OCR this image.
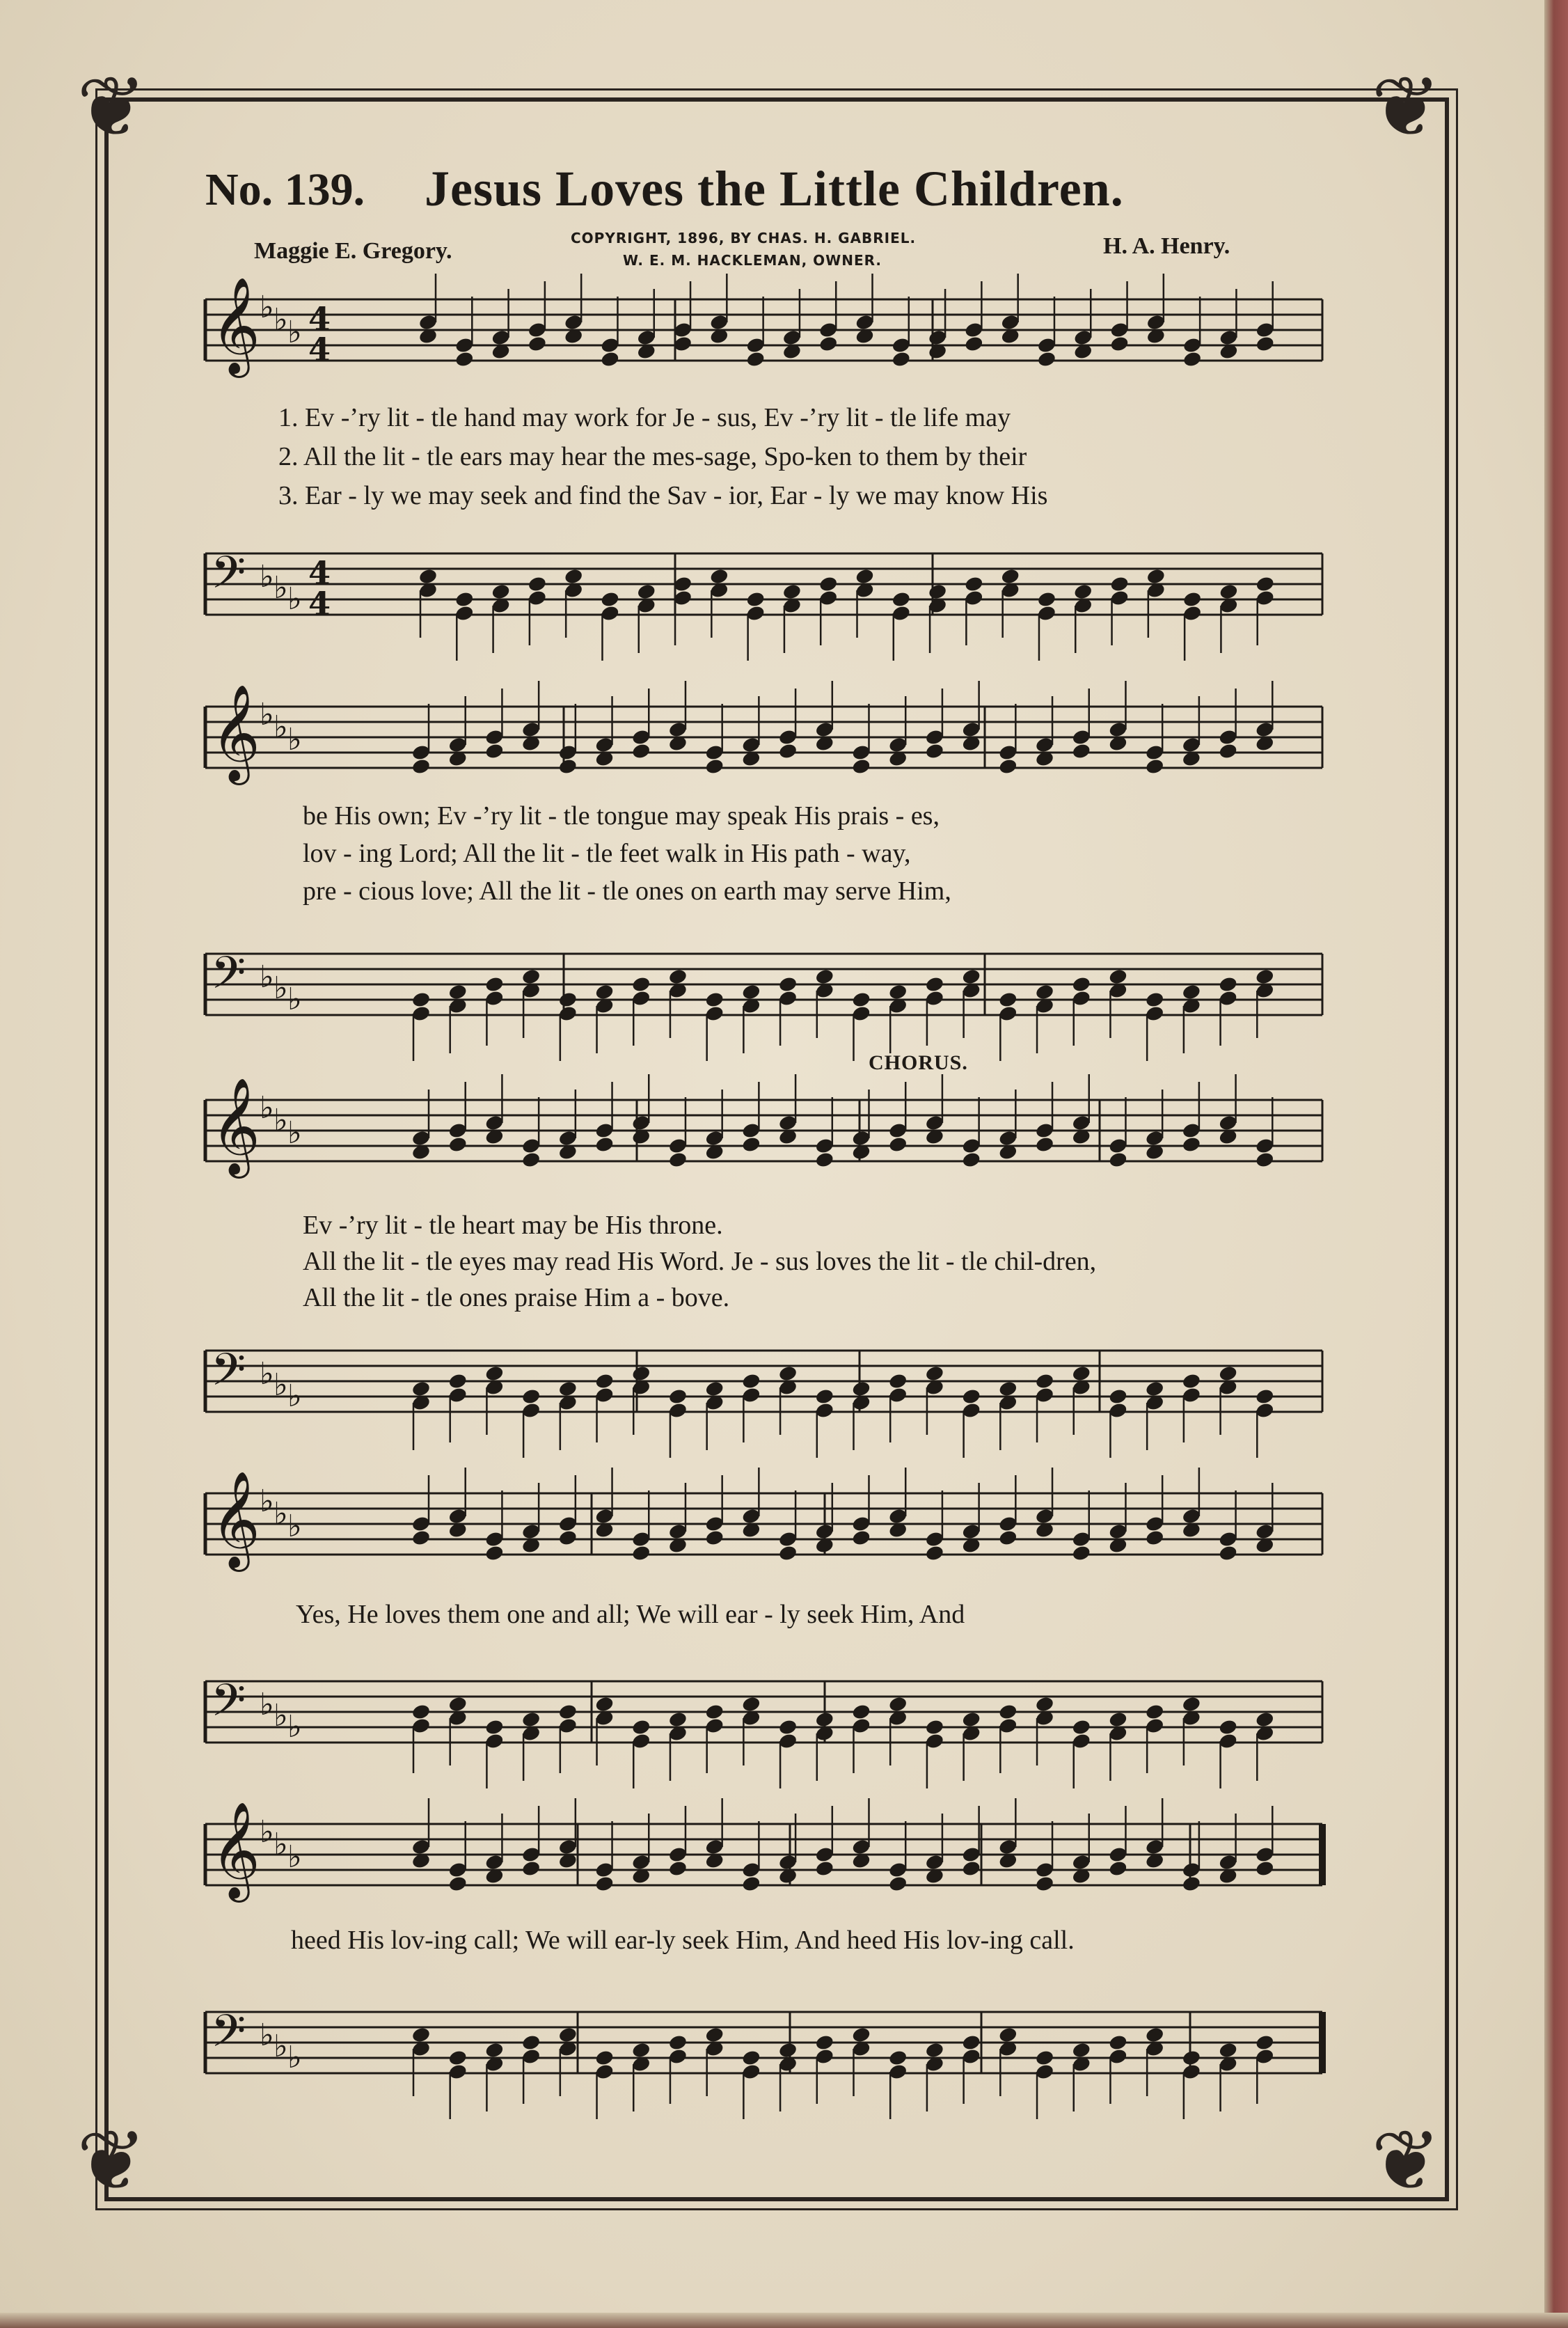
❦	❦
❦	❦
No. 139. Jesus Loves the Little Children.
Maggie E. Gregory.	COPYRIGHT, 1896, BY CHAS. H. GABRIEL.
W. E. M. HACKLEMAN, OWNER.
H. A. Henry.
𝄞 ♭ ♭ ♭ 4
4
𝄢 ♭ ♭ ♭
4
4
𝄞 ♭ ♭ ♭
𝄢 ♭ ♭ ♭
𝄞 ♭ ♭ ♭
𝄢 ♭ ♭ ♭
𝄞 ♭ ♭ ♭
𝄢 ♭ ♭ ♭
𝄞 ♭ ♭ ♭
𝄢 ♭ ♭ ♭
1. Ev -’ry lit - tle hand may work for Je - sus, Ev -’ry lit - tle life may
2. All the lit - tle ears may hear the mes-sage, Spo-ken to them by their
3. Ear - ly we may seek and find the Sav - ior, Ear - ly we may know His
be His own; Ev -’ry lit - tle tongue may speak His prais - es,
lov - ing Lord; All the lit - tle feet walk in His path - way,
pre - cious love; All the lit - tle ones on earth may serve Him,
CHORUS.
Ev -’ry lit - tle heart may be His throne.
All the lit - tle eyes may read His Word. Je - sus loves the lit - tle chil-dren,
All the lit - tle ones praise Him a - bove.
Yes, He loves them one and all; We will ear - ly seek Him, And
heed His lov-ing call; We will ear-ly seek Him, And heed His lov-ing call.
